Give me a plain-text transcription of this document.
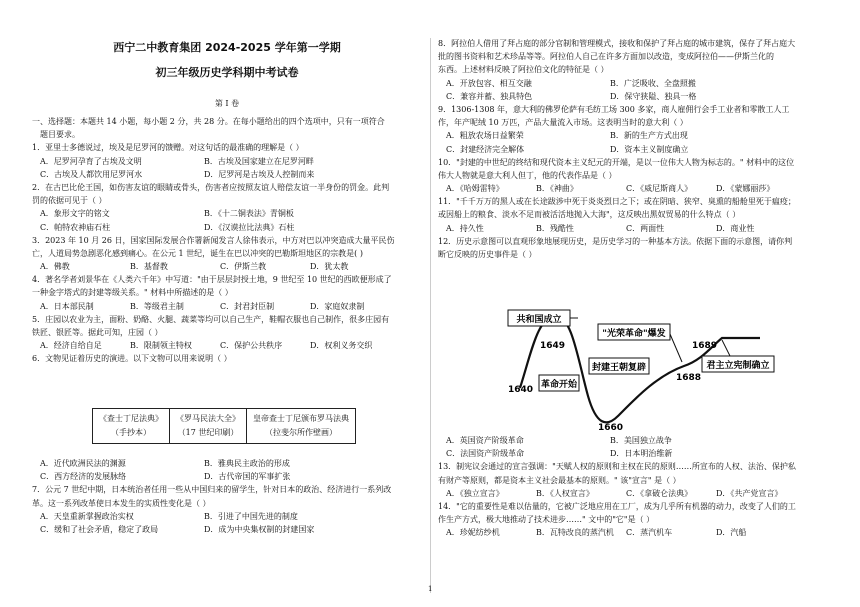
西宁二中教育集团 2024-2025 学年第一学期
初三年级历史学科期中考试卷
第 I 卷
一、选择题：本题共 14 小题，每小题 2 分，共 28 分。在每小题给出的四个选项中，只有一项符合
题目要求。
1．亚里士多德说过，埃及是尼罗河的馈赠。对这句话的最准确的理解是（ ）
A．尼罗河孕育了古埃及文明	B．古埃及国家建立在尼罗河畔
C．古埃及人都饮用尼罗河水	D．尼罗河是古埃及人控制而来
2．在古巴比伦王国，如伤害友谊的眼睛或骨头，伤害者应按照友谊人赔偿友谊一半身份的罚金。此判
罚的依据可见于（ ）
A．象形文字的铭文	B．《十二铜表法》青铜板
C．帕特农神庙石柱	D．《汉谟拉比法典》石柱
3．2023 年 10 月 26 日，国家国际发展合作署新闻发言人徐伟表示，中方对巴以冲突造成大量平民伤
亡，人道局势急剧恶化感到痛心。在公元 1 世纪，诞生在巴以冲突的巴勒斯坦地区的宗教是( )
A．佛教	B．基督教	C．伊斯兰教	D．犹太教
4．著名学者刘景华在《人类六千年》中写道："由于层层封授土地，9 世纪至 10 世纪的西欧便形成了
一种金字塔式的封建等级关系。" 材料中所描述的是（ ）
A．日本部民制	B．等级君主制	C．封君封臣制	D．家庭奴隶制
5．庄园以农业为主，面粉、奶酪、火腿、蔬菜等均可以自己生产，鞋帽衣服也自己制作，很多庄园有
铁匠、银匠等。据此可知，庄园（ ）
A．经济自给自足	B．限制领主特权	C．保护公共秩序	D．权利义务交织
6．文物见证着历史的演进。以下文物可以用来说明（ ）
《查士丁尼法典》
（手抄本）

《罗马民法大全》
（17 世纪印刷）

皇帝查士丁尼颁布罗马法典
（拉斐尔所作壁画）
A．近代欧洲民法的渊源	B．雅典民主政治的形成
C．西方经济的发展脉络	D．古代帝国的军事扩张
7．公元 7 世纪中期，日本统治者任用一些从中国归来的留学生，针对日本的政治、经济进行一系列改
革。这一系列改革使日本发生的实质性变化是（ ）
A．天皇重新掌握政治实权	B．引进了中国先进的制度
C．缓和了社会矛盾，稳定了政局	D．成为中央集权制的封建国家
8．阿拉伯人借用了拜占庭的部分官制和管理模式，接收和保护了拜占庭的城市建筑，保存了拜占庭大
批的图书资料和艺术珍品等等。阿拉伯人自己在许多方面加以改造，变成阿拉伯——伊斯兰化的
东西。上述材料反映了阿拉伯文化的特征是（ ）
A．开放包容、相互交融	B．广泛吸收、全盘照搬
C．兼容并蓄、独具特色	D．保守狭隘、独具一格
9．1306-1308 年，意大利的佛罗伦萨有毛纺工场 300 多家，商人雇佣行会手工业者和零散工人工
作，年产呢绒 10 万匹，产品大量流入市场。这表明当时的意大利（ ）
A．粗放农场日益繁荣	B．新的生产方式出现
C．封建经济完全解体	D．资本主义制度确立
10．"封建的中世纪的终结和现代资本主义纪元的开端，是以一位伟大人物为标志的。" 材料中的这位
伟大人物就是意大利人但丁，他的代表作品是（ ）
A．《哈姆雷特》	B．《神曲》	C．《威尼斯商人》	D．《蒙娜丽莎》
11．"千千万万的黑人或在长途跋涉中死于炎炎烈日之下；或在阴暗、狭窄、臭熏的船舱里死于瘟疫；
或因船上的粮食、淡水不足而被活活地抛入大海"，这反映出黑奴贸易的什么特点（ ）
A．持久性	B．残酷性	C．两面性	D．商业性
12．历史示意图可以直观形象地展现历史，是历史学习的一种基本方法。依据下面的示意图，请你判
断它反映的历史事件是（ ）
共和国成立
革命开始
封建王朝复辟
"光荣革命"爆发
君主立宪制确立
1640
1649
1660
1688
1689
A．英国资产阶级革命	B．美国独立战争
C．法国资产阶级革命	D．日本明治维新
13．制宪议会通过的宣言强调："天赋人权的原则和主权在民的原则……所宣布的人权、法治、保护私
有财产等原则，都是资本主义社会最基本的原则。" 该"宣言" 是（ ）
A．《独立宣言》	B．《人权宣言》	C．《拿破仑法典》	D．《共产党宣言》
14．"它的重要性是难以估量的，它被广泛地应用在工厂，成为几乎所有机器的动力，改变了人们的工
作生产方式，极大地推动了技术进步……" 文中的"它"是（ ）
A．珍妮纺纱机	B．瓦特改良的蒸汽机	C．蒸汽机车	D．汽船
1
